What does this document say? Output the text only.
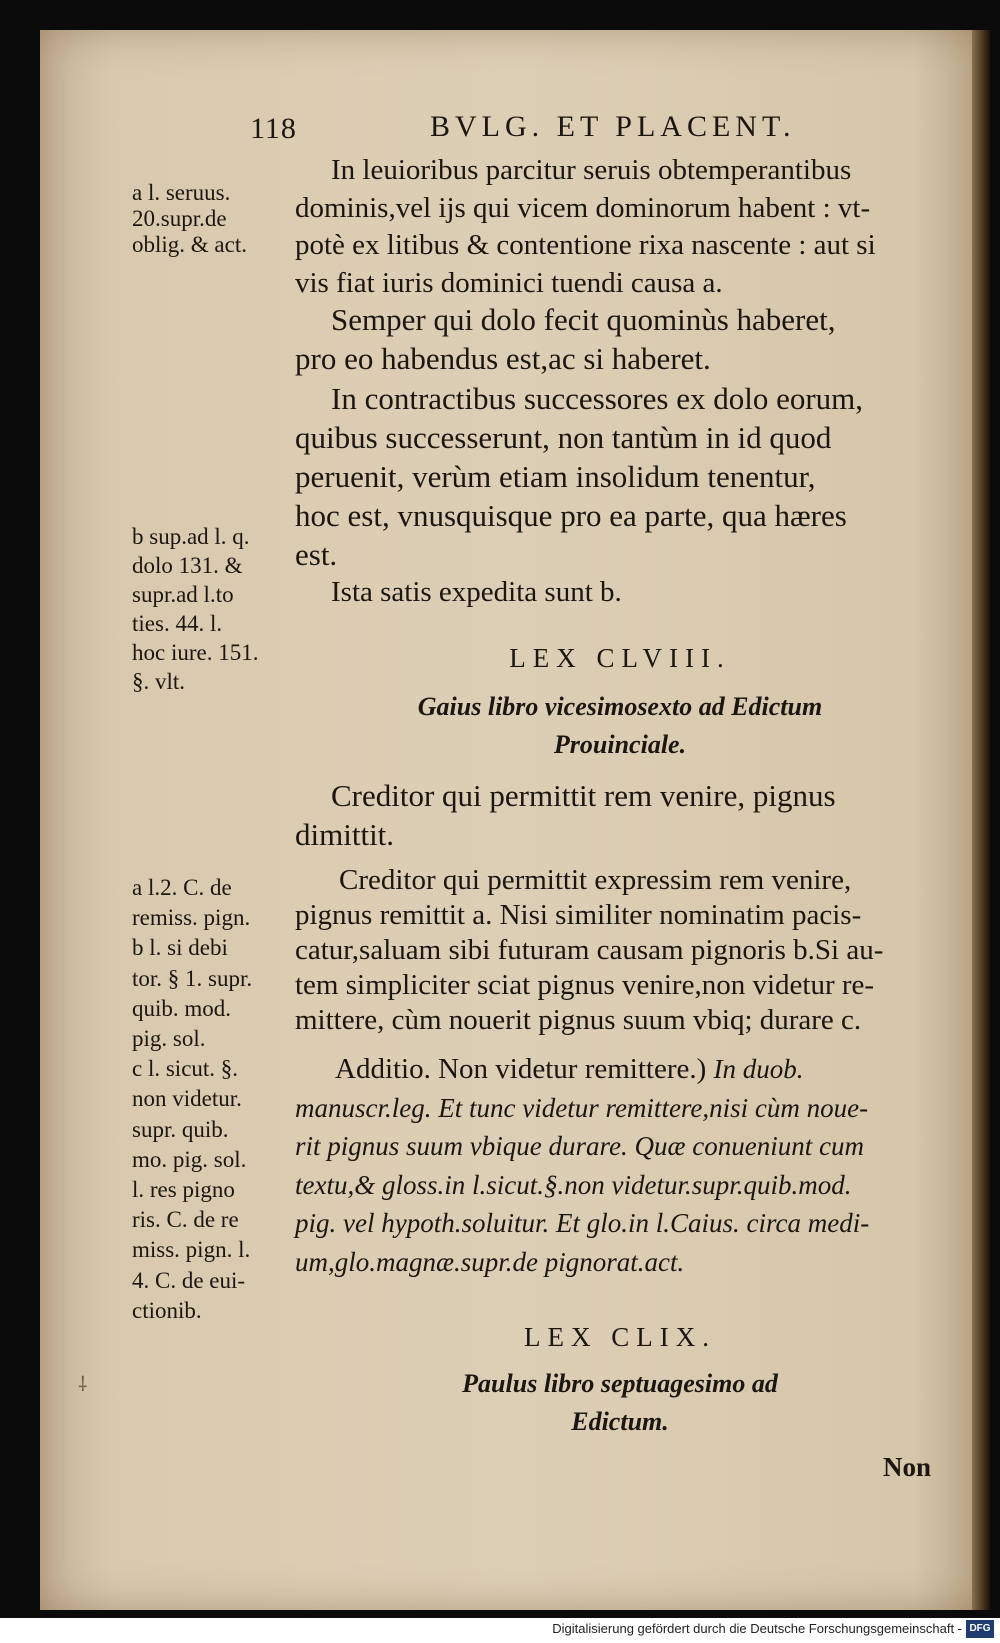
118	BVLG. ET PLACENT.
a l. seruus.
20.supr.de
oblig. & act.
b sup.ad l. q.
dolo 131. &
supr.ad l.to
ties. 44. l.
hoc iure. 151.
§. vlt.
a l.2. C. de
remiss. pign.
b l. si debi
tor. § 1. supr.
quib. mod.
pig. sol.
c l. sicut. §.
non videtur.
supr. quib.
mo. pig. sol.
l. res pigno
ris. C. de re
miss. pign. l.
4. C. de eui-
ctionib.
In leuioribus parcitur seruis obtemperantibus
dominis,vel ijs qui vicem dominorum habent : vt-
potè ex litibus & contentione rixa nascente : aut si
vis fiat iuris dominici tuendi causa a.
Semper qui dolo fecit quominùs haberet,
pro eo habendus est,ac si haberet.
In contractibus successores ex dolo eorum,
quibus successerunt, non tantùm in id quod
peruenit, verùm etiam insolidum tenentur,
hoc est, vnusquisque pro ea parte, qua hæres
est.
Ista satis expedita sunt b.
LEX CLVIII.
Gaius libro vicesimosexto ad Edictum
Prouinciale.
Creditor qui permittit rem venire, pignus
dimittit.
Creditor qui permittit expressim rem venire,
pignus remittit a. Nisi similiter nominatim pacis-
catur,saluam sibi futuram causam pignoris b.Si au-
tem simpliciter sciat pignus venire,non videtur re-
mittere, cùm nouerit pignus suum vbiq; durare c.
Additio. Non videtur remittere.) In duob.
manuscr.leg. Et tunc videtur remittere,nisi cùm noue-
rit pignus suum vbique durare. Quæ conueniunt cum
textu,& gloss.in l.sicut.§.non videtur.supr.quib.mod.
pig. vel hypoth.soluitur. Et glo.in l.Caius. circa medi-
um,glo.magnæ.supr.de pignorat.act.
LEX CLIX.
Paulus libro septuagesimo ad
Edictum.
Non
⸸
Digitalisierung gefördert durch die Deutsche Forschungsgemeinschaft - DFG
